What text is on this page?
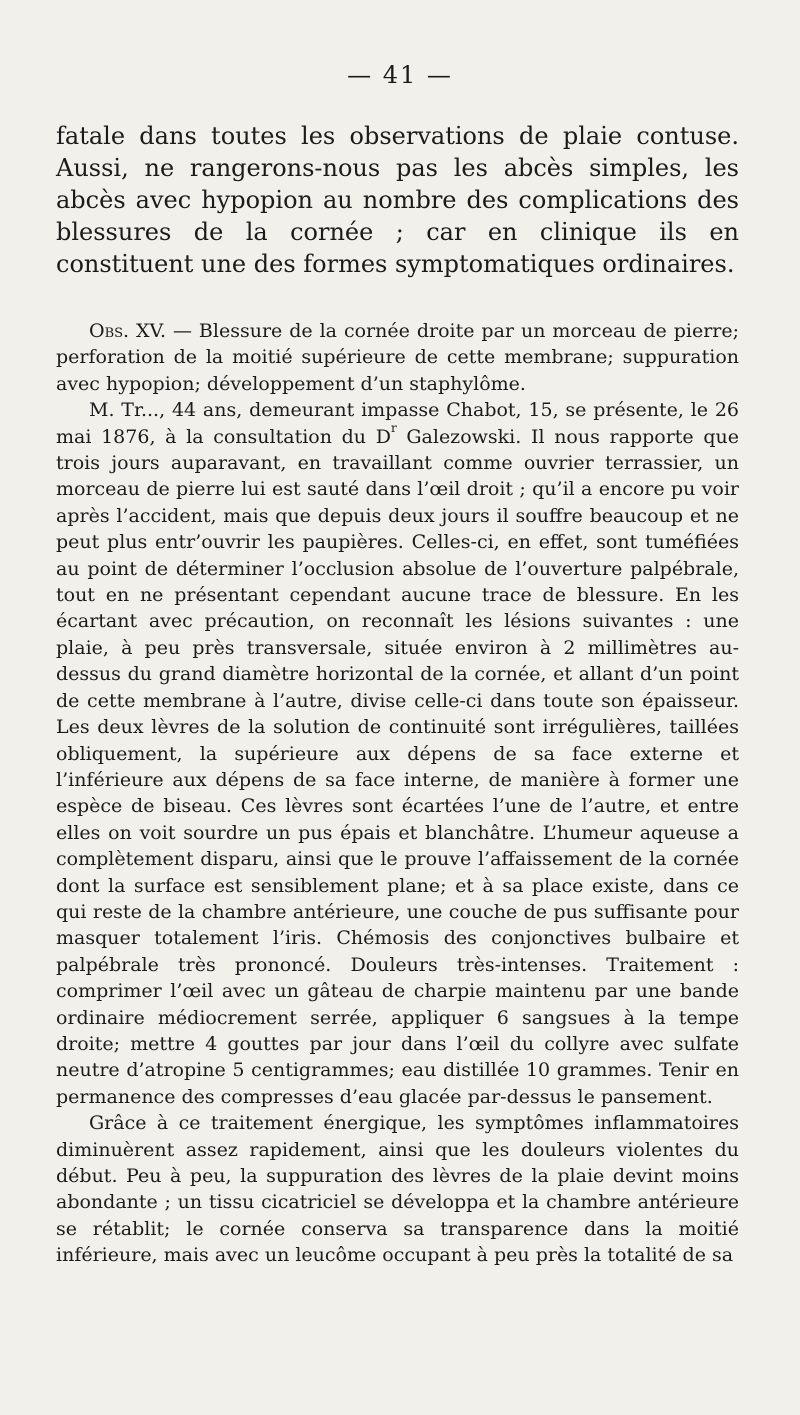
— 41 —
fatale dans toutes les observations de plaie contuse. Aussi, ne rangerons-nous pas les abcès simples, les abcès avec hypopion au nombre des complications des blessures de la cornée ; car en clinique ils en constituent une des formes symptomatiques ordinaires.

Obs. XV. — Blessure de la cornée droite par un morceau de pierre; perforation de la moitié supérieure de cette membrane; suppuration avec hypopion; développement d’un staphylôme.

M. Tr..., 44 ans, demeurant impasse Chabot, 15, se présente, le 26 mai 1876, à la consultation du $D^r$ Galezowski. Il nous rapporte que trois jours auparavant, en travaillant comme ouvrier terrassier, un morceau de pierre lui est sauté dans l’œil droit ; qu’il a encore pu voir après l’accident, mais que depuis deux jours il souffre beaucoup et ne peut plus entr’ouvrir les paupières. Celles-ci, en effet, sont tuméfiées au point de déterminer l’occlusion absolue de l’ouverture palpébrale, tout en ne présentant cependant aucune trace de blessure. En les écartant avec précaution, on reconnaît les lésions suivantes : une plaie, à peu près transversale, située environ à 2 millimètres au-dessus du grand diamètre horizontal de la cornée, et allant d’un point de cette membrane à l’autre, divise celle-ci dans toute son épaisseur. Les deux lèvres de la solution de continuité sont irrégulières, taillées obliquement, la supérieure aux dépens de sa face externe et l’inférieure aux dépens de sa face interne, de manière à former une espèce de biseau. Ces lèvres sont écartées l’une de l’autre, et entre elles on voit sourdre un pus épais et blanchâtre. L’humeur aqueuse a complètement disparu, ainsi que le prouve l’affaissement de la cornée dont la surface est sensiblement plane; et à sa place existe, dans ce qui reste de la chambre antérieure, une couche de pus suffisante pour masquer totalement l’iris. Chémosis des conjonctives bulbaire et palpébrale très prononcé. Douleurs très-intenses. Traitement : comprimer l’œil avec un gâteau de charpie maintenu par une bande ordinaire médiocrement serrée, appliquer 6 sangsues à la tempe droite; mettre 4 gouttes par jour dans l’œil du collyre avec sulfate neutre d’atropine 5 centigrammes; eau distillée 10 grammes. Tenir en permanence des compresses d’eau glacée par-dessus le pansement.

Grâce à ce traitement énergique, les symptômes inflammatoires diminuèrent assez rapidement, ainsi que les douleurs violentes du début. Peu à peu, la suppuration des lèvres de la plaie devint moins abondante ; un tissu cicatriciel se développa et la chambre antérieure se rétablit; le cornée conserva sa transparence dans la moitié inférieure, mais avec un leucôme occupant à peu près la totalité de sa
